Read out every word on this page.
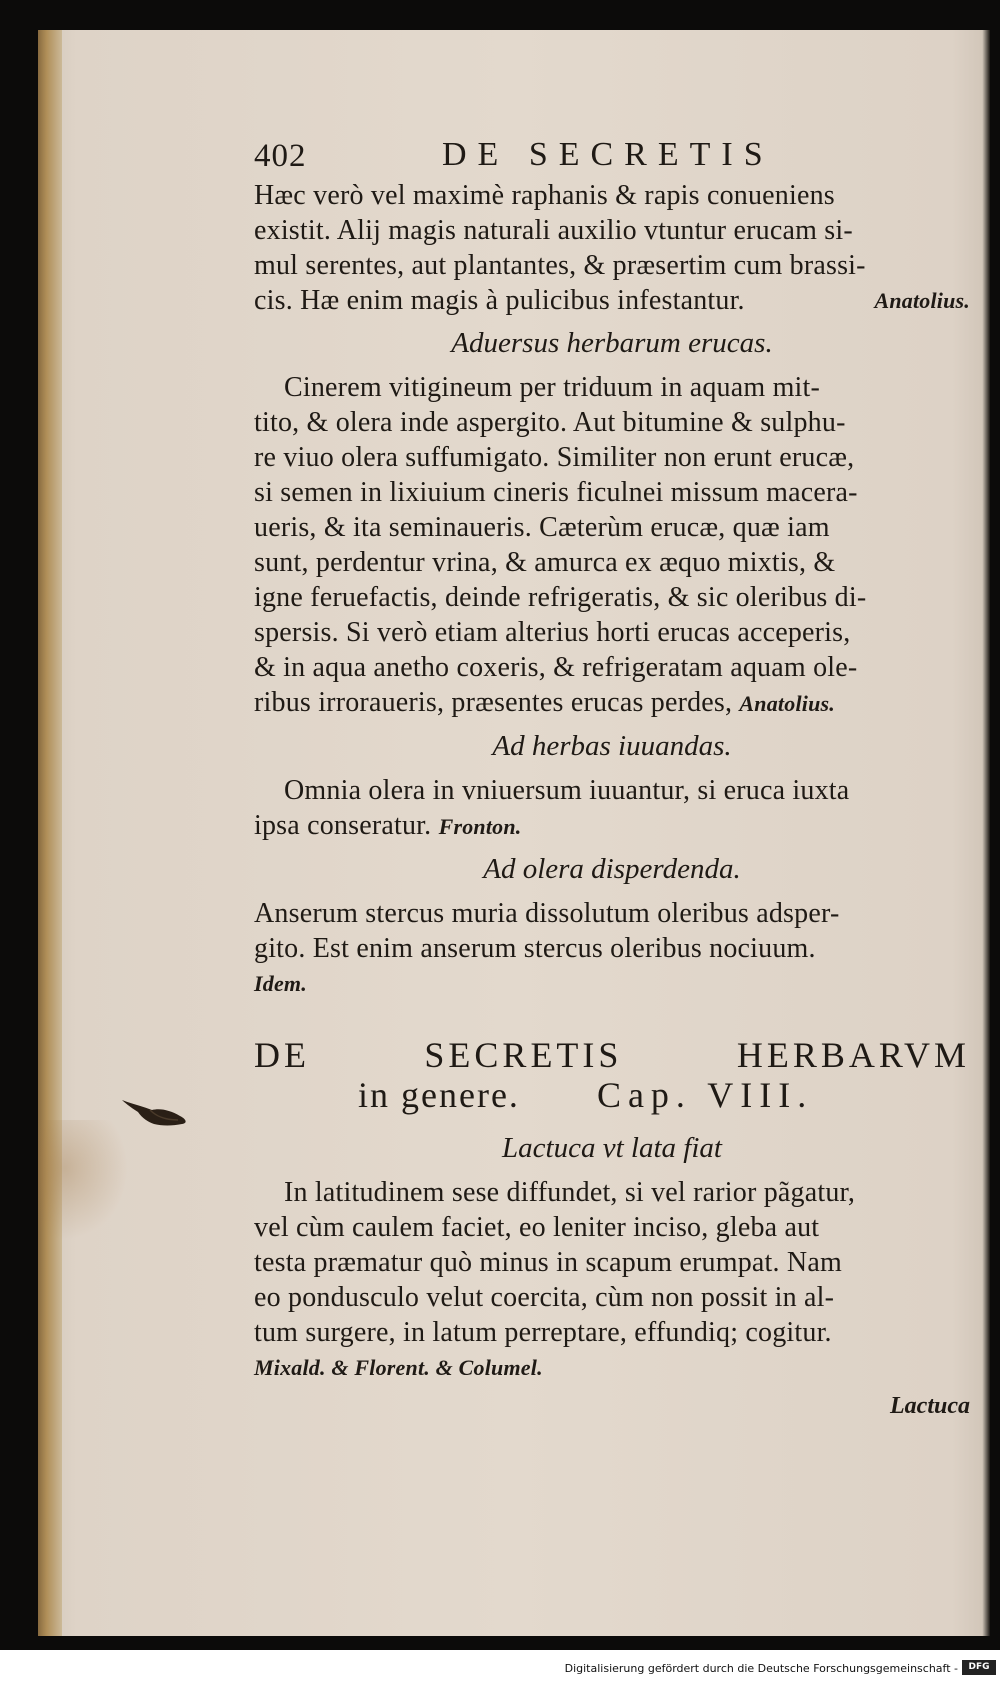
402	DE SECRETIS
Hæc verò vel maximè raphanis & rapis conueniens
existit. Alij magis naturali auxilio vtuntur erucam si-
mul serentes, aut plantantes, & præsertim cum brassi-
cis. Hæ enim magis à pulicibus infestantur.	Anatolius.
Aduersus herbarum erucas.
Cinerem vitigineum per triduum in aquam mit-
tito, & olera inde aspergito. Aut bitumine & sulphu-
re viuo olera suffumigato. Similiter non erunt erucæ,
si semen in lixiuium cineris ficulnei missum macera-
ueris, & ita seminaueris. Cæterùm erucæ, quæ iam
sunt, perdentur vrina, & amurca ex æquo mixtis, &
igne feruefactis, deinde refrigeratis, & sic oleribus di-
spersis. Si verò etiam alterius horti erucas acceperis,
& in aqua anetho coxeris, & refrigeratam aquam ole-
ribus irroraueris, præsentes erucas perdes, Anatolius.
Ad herbas iuuandas.
Omnia olera in vniuersum iuuantur, si eruca iuxta
ipsa conseratur. Fronton.
Ad olera disperdenda.
Anserum stercus muria dissolutum oleribus adsper-
gito. Est enim anserum stercus oleribus nociuum.
Idem.
DE	SECRETIS	HERBARVM
in genere. Cap. VIII.
Lactuca vt lata fiat
In latitudinem sese diffundet, si vel rarior pãgatur,
vel cùm caulem faciet, eo leniter inciso, gleba aut
testa præmatur quò minus in scapum erumpat. Nam
eo pondusculo velut coercita, cùm non possit in al-
tum surgere, in latum perreptare, effundiq; cogitur.
Mixald. & Florent. & Columel.
Lactuca
Digitalisierung gefördert durch die Deutsche Forschungsgemeinschaft -	DFG
